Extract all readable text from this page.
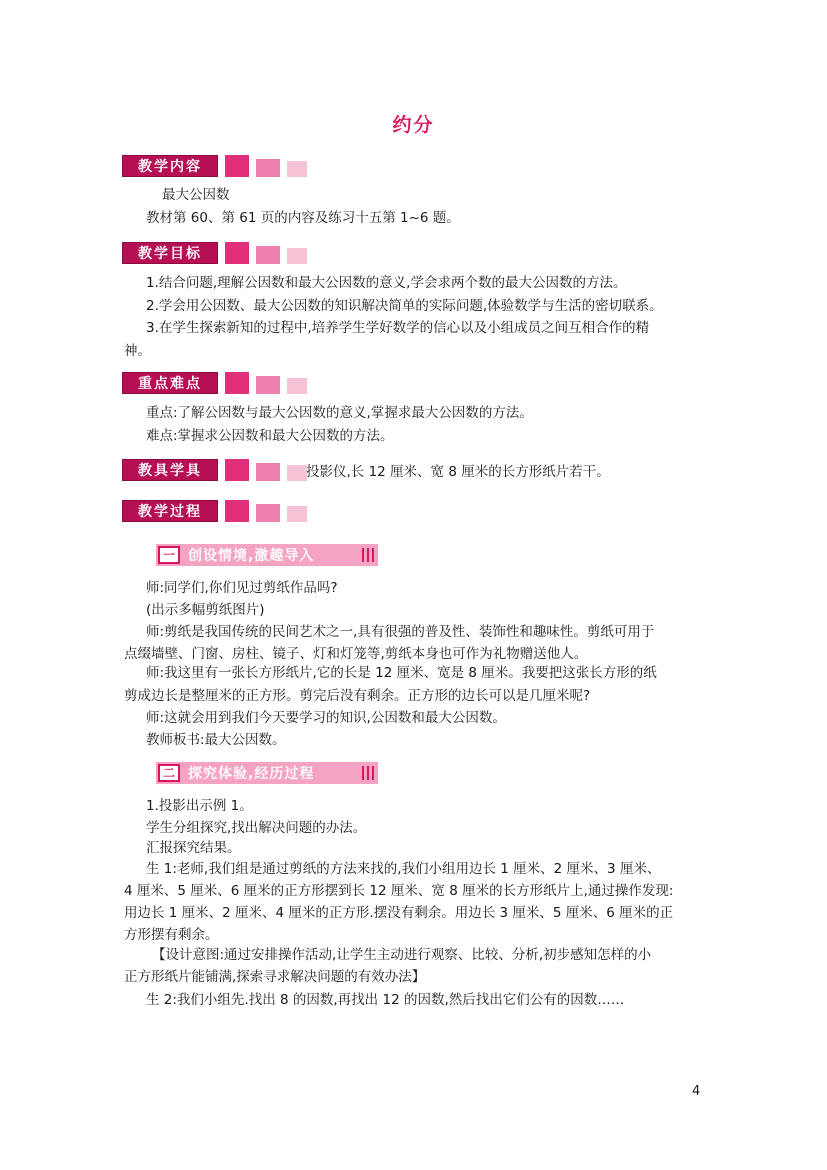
约分
教学内容
最大公因数
教材第 60、第 61 页的内容及练习十五第 1~6 题。
教学目标
1.结合问题,理解公因数和最大公因数的意义,学会求两个数的最大公因数的方法。
2.学会用公因数、最大公因数的知识解决简单的实际问题,体验数学与生活的密切联系。
3.在学生探索新知的过程中,培养学生学好数学的信心以及小组成员之间互相合作的精
神。
重点难点
重点:了解公因数与最大公因数的意义,掌握求最大公因数的方法。
难点:掌握求公因数和最大公因数的方法。
教具学具	投影仪,长 12 厘米、宽 8 厘米的长方形纸片若干。
教学过程
一 创设情境,激趣导入
师:同学们,你们见过剪纸作品吗?
(出示多幅剪纸图片)
师:剪纸是我国传统的民间艺术之一,具有很强的普及性、装饰性和趣味性。剪纸可用于
点缀墙壁、门窗、房柱、镜子、灯和灯笼等,剪纸本身也可作为礼物赠送他人。
师:我这里有一张长方形纸片,它的长是 12 厘米、宽是 8 厘米。我要把这张长方形的纸
剪成边长是整厘米的正方形。剪完后没有剩余。正方形的边长可以是几厘米呢?
师:这就会用到我们今天要学习的知识,公因数和最大公因数。
教师板书:最大公因数。
二 探究体验,经历过程
1.投影出示例 1。
学生分组探究,找出解决问题的办法。
汇报探究结果。
生 1:老师,我们组是通过剪纸的方法来找的,我们小组用边长 1 厘米、2 厘米、3 厘米、
4 厘米、5 厘米、6 厘米的正方形摆到长 12 厘米、宽 8 厘米的长方形纸片上,通过操作发现:
用边长 1 厘米、2 厘米、4 厘米的正方形.摆没有剩余。用边长 3 厘米、5 厘米、6 厘米的正
方形摆有剩余。
【设计意图:通过安排操作活动,让学生主动进行观察、比较、分析,初步感知怎样的小
正方形纸片能铺满,探索寻求解决问题的有效办法】
生 2:我们小组先.找出 8 的因数,再找出 12 的因数,然后找出它们公有的因数……
4
